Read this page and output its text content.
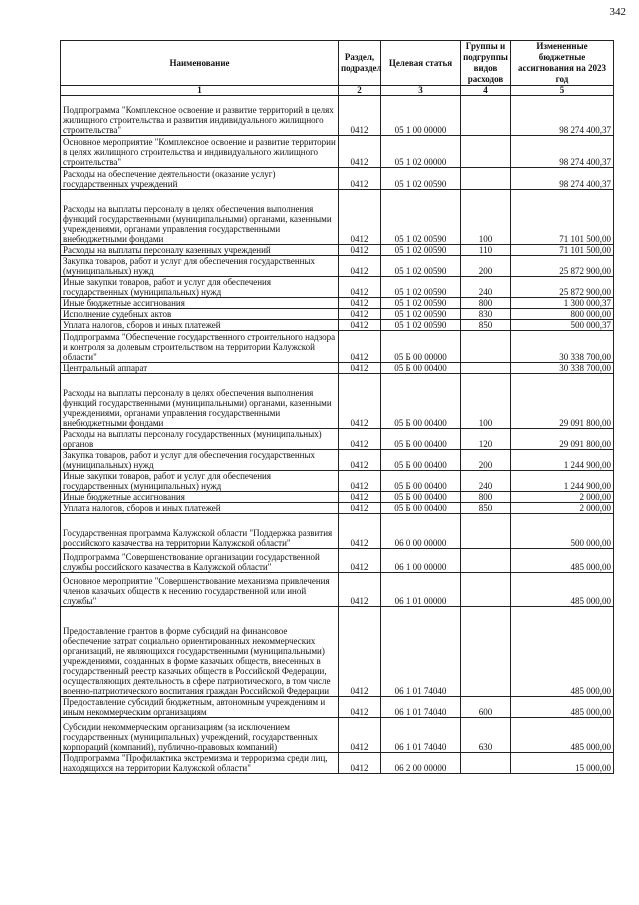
342
Наименование	Раздел, подраздел	Целевая статья	Группы и подгруппы видов расходов	Измененные бюджетные ассигнования на 2023 год
1	2	3	4	5
Подпрограмма "Комплексное освоение и развитие территорий в целях жилищного строительства и развития индивидуального жилищного строительства"	0412	05 1 00 00000		98 274 400,37
Основное мероприятие "Комплексное освоение и развитие территории в целях жилищного строительства и индивидуального жилищного строительства"	0412	05 1 02 00000		98 274 400,37
Расходы на обеспечение деятельности (оказание услуг) государственных учреждений	0412	05 1 02 00590		98 274 400,37
Расходы на выплаты персоналу в целях обеспечения выполнения функций государственными (муниципальными) органами, казенными учреждениями, органами управления государственными внебюджетными фондами	0412	05 1 02 00590	100	71 101 500,00
Расходы на выплаты персоналу казенных учреждений	0412	05 1 02 00590	110	71 101 500,00
Закупка товаров, работ и услуг для обеспечения государственных (муниципальных) нужд	0412	05 1 02 00590	200	25 872 900,00
Иные закупки товаров, работ и услуг для обеспечения государственных (муниципальных) нужд	0412	05 1 02 00590	240	25 872 900,00
Иные бюджетные ассигнования	0412	05 1 02 00590	800	1 300 000,37
Исполнение судебных актов	0412	05 1 02 00590	830	800 000,00
Уплата налогов, сборов и иных платежей	0412	05 1 02 00590	850	500 000,37
Подпрограмма "Обеспечение государственного строительного надзора и контроля за долевым строительством на территории Калужской области"	0412	05 Б 00 00000		30 338 700,00
Центральный аппарат	0412	05 Б 00 00400		30 338 700,00
Расходы на выплаты персоналу в целях обеспечения выполнения функций государственными (муниципальными) органами, казенными учреждениями, органами управления государственными внебюджетными фондами	0412	05 Б 00 00400	100	29 091 800,00
Расходы на выплаты персоналу государственных (муниципальных) органов	0412	05 Б 00 00400	120	29 091 800,00
Закупка товаров, работ и услуг для обеспечения государственных (муниципальных) нужд	0412	05 Б 00 00400	200	1 244 900,00
Иные закупки товаров, работ и услуг для обеспечения государственных (муниципальных) нужд	0412	05 Б 00 00400	240	1 244 900,00
Иные бюджетные ассигнования	0412	05 Б 00 00400	800	2 000,00
Уплата налогов, сборов и иных платежей	0412	05 Б 00 00400	850	2 000,00
Государственная программа Калужской области "Поддержка развития российского казачества на территории Калужской области"	0412	06 0 00 00000		500 000,00
Подпрограмма "Совершенствование организации государственной службы российского казачества в Калужской области"	0412	06 1 00 00000		485 000,00
Основное мероприятие "Совершенствование механизма привлечения членов казачьих обществ к несению государственной или иной службы"	0412	06 1 01 00000		485 000,00
Предоставление грантов в форме субсидий на финансовое обеспечение затрат социально ориентированных некоммерческих организаций, не являющихся государственными (муниципальными) учреждениями, созданных в форме казачьих обществ, внесенных в государственный реестр казачьих обществ в Российской Федерации, осуществляющих деятельность в сфере патриотического, в том числе военно-патриотического воспитания граждан Российской Федерации	0412	06 1 01 74040		485 000,00
Предоставление субсидий бюджетным, автономным учреждениям и иным некоммерческим организациям	0412	06 1 01 74040	600	485 000,00
Субсидии некоммерческим организациям (за исключением государственных (муниципальных) учреждений, государственных корпораций (компаний), публично-правовых компаний)	0412	06 1 01 74040	630	485 000,00
Подпрограмма "Профилактика экстремизма и терроризма среди лиц, находящихся на территории Калужской области"	0412	06 2 00 00000		15 000,00
